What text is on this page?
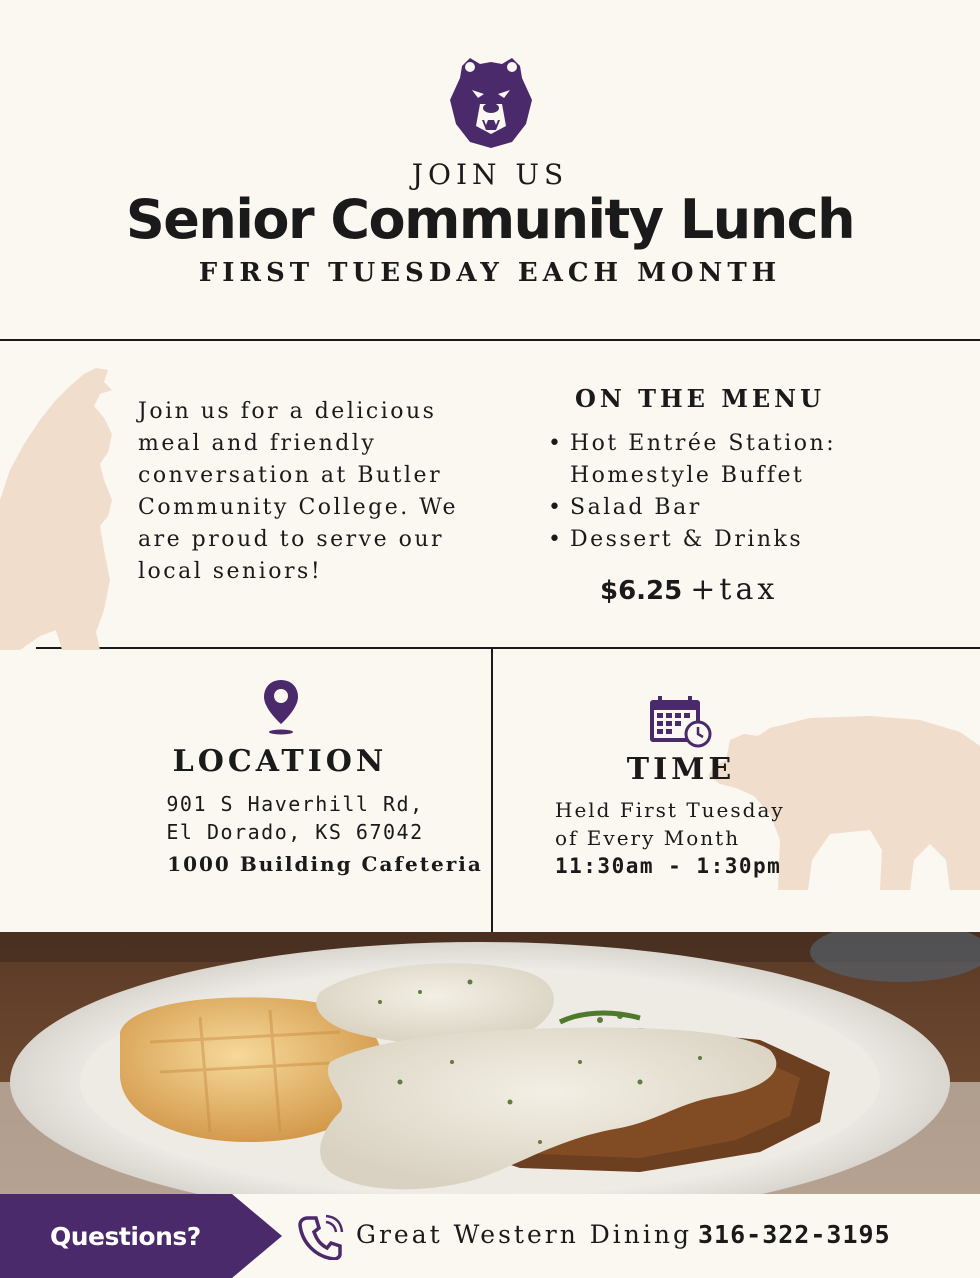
JOIN US
Senior Community Lunch
FIRST TUESDAY EACH MONTH
Join us for a delicious meal and friendly conversation at Butler Community College. We are proud to serve our local seniors!
ON THE MENU
• Hot Entrée Station: Homestyle Buffet
• Salad Bar
• Dessert & Drinks
$6.25 +tax
LOCATION
901 S Haverhill Rd,
El Dorado, KS 67042
1000 Building Cafeteria
TIME
Held First Tuesday
of Every Month
11:30am - 1:30pm
Questions?	Great Western Dining 316-322-3195
